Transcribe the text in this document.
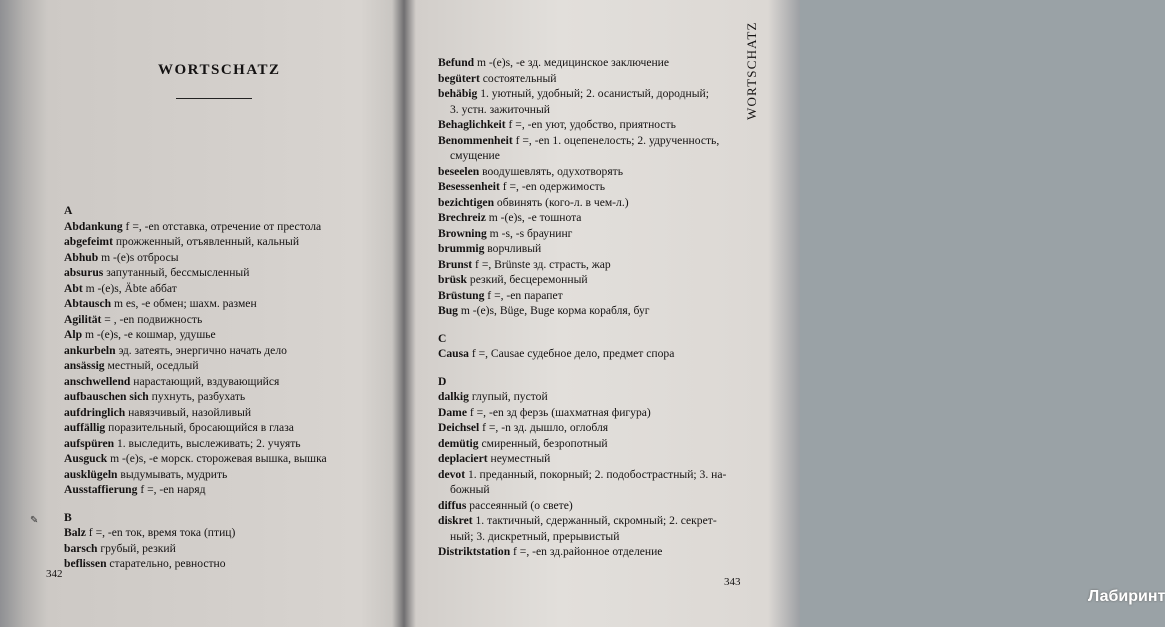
WORTSCHATZ
A
Abdankung f =, -en отставка, отречение от престола
abgefeimt прожженный, отъявленный, кальный
Abhub m -(e)s отбросы
absurus запутанный, бессмысленный
Abt m -(e)s, Äbte аббат
Abtausch m es, -e обмен; шахм. размен
Agilität = , -en подвижность
Alp m -(e)s, -e кошмар, удушье
ankurbeln эд. затеять, энергично начать дело
ansässig местный, оседлый
anschwellend нарастающий, вздувающийся
aufbauschen sich пухнуть, разбухать
aufdringlich навязчивый, назойливый
auffällig поразительный, бросающийся в глаза
aufspüren 1. выследить, выслеживать; 2. учуять
Ausguck m -(e)s, -e морск. сторожевая вышка, вышка
ausklügeln выдумывать, мудрить
Ausstaffierung f =, -en наряд
B
Balz f =, -en ток, время тока (птиц)
barsch грубый, резкий
beflissen старательно, ревностно
342
✎
Befund m -(e)s, -e зд. медицинское заключение
begütert состоятельный
behäbig 1. уютный, удобный; 2. осанистый, дородный;
3. устн. зажиточный
Behaglichkeit f =, -en уют, удобство, приятность
Benommenheit f =, -en 1. оцепенелость; 2. удрученность,
смущение
beseelen воодушевлять, одухотворять
Besessenheit f =, -en одержимость
bezichtigen обвинять (кого-л. в чем-л.)
Brechreiz m -(e)s, -e тошнота
Browning m -s, -s браунинг
brummig ворчливый
Brunst f =, Brünste зд. страсть, жар
brüsk резкий, бесцеремонный
Brüstung f =, -en парапет
Bug m -(e)s, Büge, Buge корма корабля, буг
C
Causa f =, Causae судебное дело, предмет спора
D
dalkig глупый, пустой
Dame f =, -en зд ферзь (шахматная фигура)
Deichsel f =, -n зд. дышло, оглобля
demütig смиренный, безропотный
deplaciert неуместный
devot 1. преданный, покорный; 2. подобострастный; 3. на-
божный
diffus рассеянный (о свете)
diskret 1. тактичный, сдержанный, скромный; 2. секрет-
ный; 3. дискретный, прерывистый
Distriktstation f =, -en зд.районное отделение
WORTSCHATZ
343
Лабиринт
